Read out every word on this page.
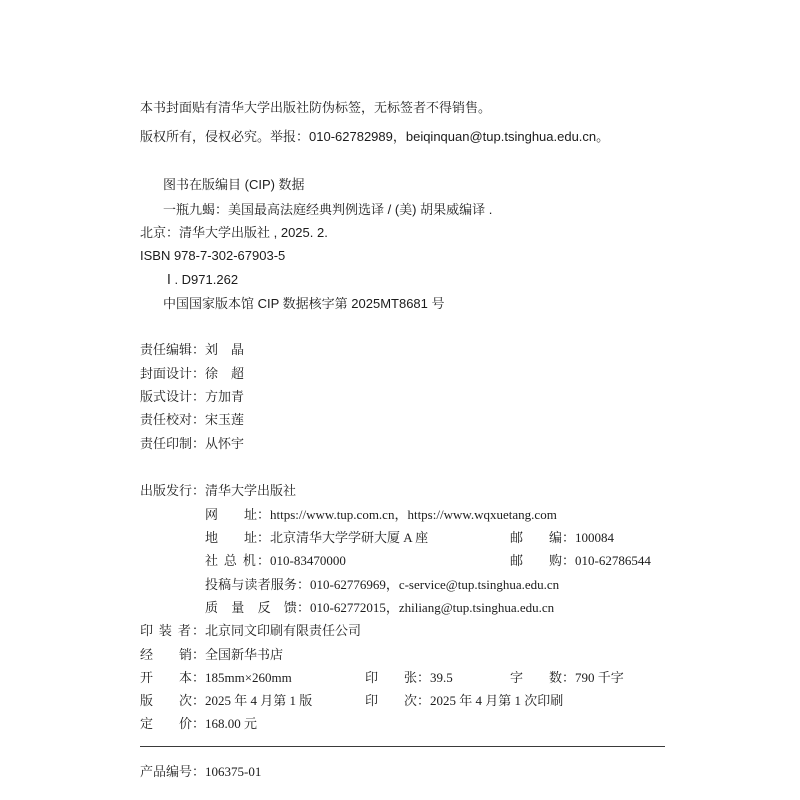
本书封面贴有清华大学出版社防伪标签，无标签者不得销售。
版权所有，侵权必究。举报：010-62782989，beiqinquan@tup.tsinghua.edu.cn。
图书在版编目 (CIP) 数据
一瓶九蝎：美国最高法庭经典判例选译 / (美) 胡果威编译 .
北京：清华大学出版社 , 2025. 2.
ISBN 978-7-302-67903-5
Ⅰ . D971.262
中国国家版本馆 CIP 数据核字第 2025MT8681 号
责任编辑：刘　晶
封面设计：徐　超
版式设计：方加青
责任校对：宋玉莲
责任印制：从怀宇
出版发行：清华大学出版社
网　　址：https://www.tup.com.cn，https://www.wqxuetang.com
地　　址：北京清华大学学研大厦 A 座	邮　　编：100084
社 总 机：010-83470000	邮　　购：010-62786544
投稿与读者服务：010-62776969，c-service@tup.tsinghua.edu.cn
质　量　反　馈：010-62772015，zhiliang@tup.tsinghua.edu.cn
印 装 者：北京同文印刷有限责任公司
经　　销：全国新华书店
开　　本：185mm×260mm	印　　张：39.5	字　　数：790 千字
版　　次：2025 年 4 月第 1 版	印　　次：2025 年 4 月第 1 次印刷
定　　价：168.00 元
产品编号：106375-01
